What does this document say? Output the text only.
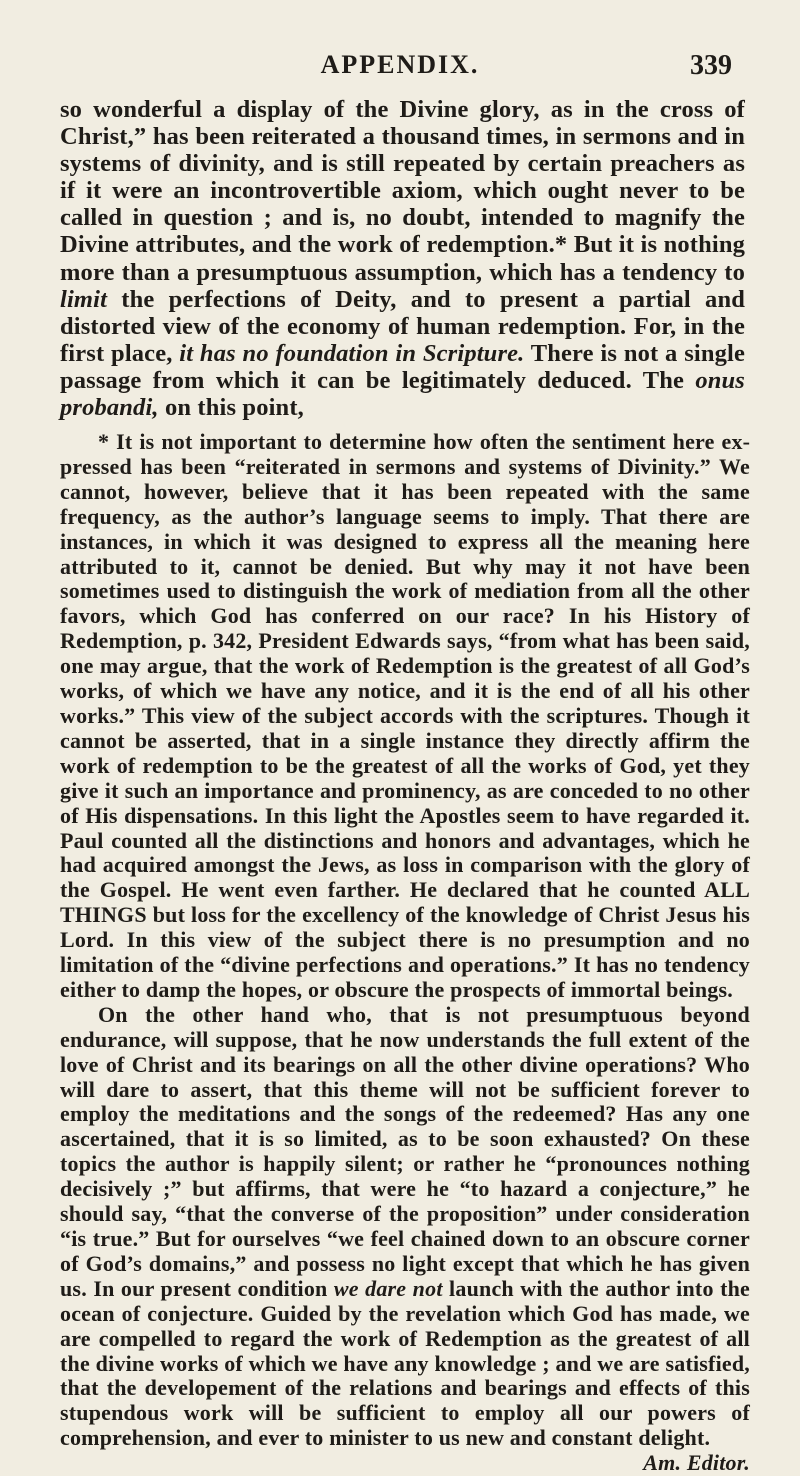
APPENDIX.	339

so wonderful a display of the Divine glory, as in the cross of Christ,” has been reiterated a thousand times, in sermons and in systems of divinity, and is still repeated by certain preachers as if it were an incontrovertible axiom, which ought never to be called in question ; and is, no doubt, intended to magnify the Divine attributes, and the work of redemption.* But it is nothing more than a presumptuous assumption, which has a tendency to limit the perfections of Deity, and to present a partial and distorted view of the economy of human redemption. For, in the first place, it has no foundation in Scripture. There is not a single passage from which it can be legitimately deduced. The onus probandi, on this point,

* It is not important to determine how often the sentiment here expressed has been “reiterated in sermons and systems of Divinity.” We cannot, however, believe that it has been repeated with the same frequency, as the author’s language seems to imply. That there are instances, in which it was designed to express all the meaning here attributed to it, cannot be denied. But why may it not have been sometimes used to distinguish the work of mediation from all the other favors, which God has conferred on our race? In his History of Redemption, p. 342, President Edwards says, “from what has been said, one may argue, that the work of Redemption is the greatest of all God’s works, of which we have any notice, and it is the end of all his other works.” This view of the subject accords with the scriptures. Though it cannot be asserted, that in a single instance they directly affirm the work of redemption to be the greatest of all the works of God, yet they give it such an importance and prominency, as are conceded to no other of His dispensations. In this light the Apostles seem to have regarded it. Paul counted all the distinctions and honors and advantages, which he had acquired amongst the Jews, as loss in comparison with the glory of the Gospel. He went even farther. He declared that he counted ALL THINGS but loss for the excellency of the knowledge of Christ Jesus his Lord. In this view of the subject there is no presumption and no limitation of the “divine perfections and operations.” It has no tendency either to damp the hopes, or obscure the prospects of immortal beings.

On the other hand who, that is not presumptuous beyond endurance, will suppose, that he now understands the full extent of the love of Christ and its bearings on all the other divine operations? Who will dare to assert, that this theme will not be sufficient forever to employ the meditations and the songs of the redeemed? Has any one ascertained, that it is so limited, as to be soon exhausted? On these topics the author is happily silent; or rather he “pronounces nothing decisively ;” but affirms, that were he “to hazard a conjecture,” he should say, “that the converse of the proposition” under consideration “is true.” But for ourselves “we feel chained down to an obscure corner of God’s domains,” and possess no light except that which he has given us. In our present condition we dare not launch with the author into the ocean of conjecture. Guided by the revelation which God has made, we are compelled to regard the work of Redemption as the greatest of all the divine works of which we have any knowledge ; and we are satisfied, that the developement of the relations and bearings and effects of this stupendous work will be sufficient to employ all our powers of comprehension, and ever to minister to us new and constant delight.
Am. Editor.
